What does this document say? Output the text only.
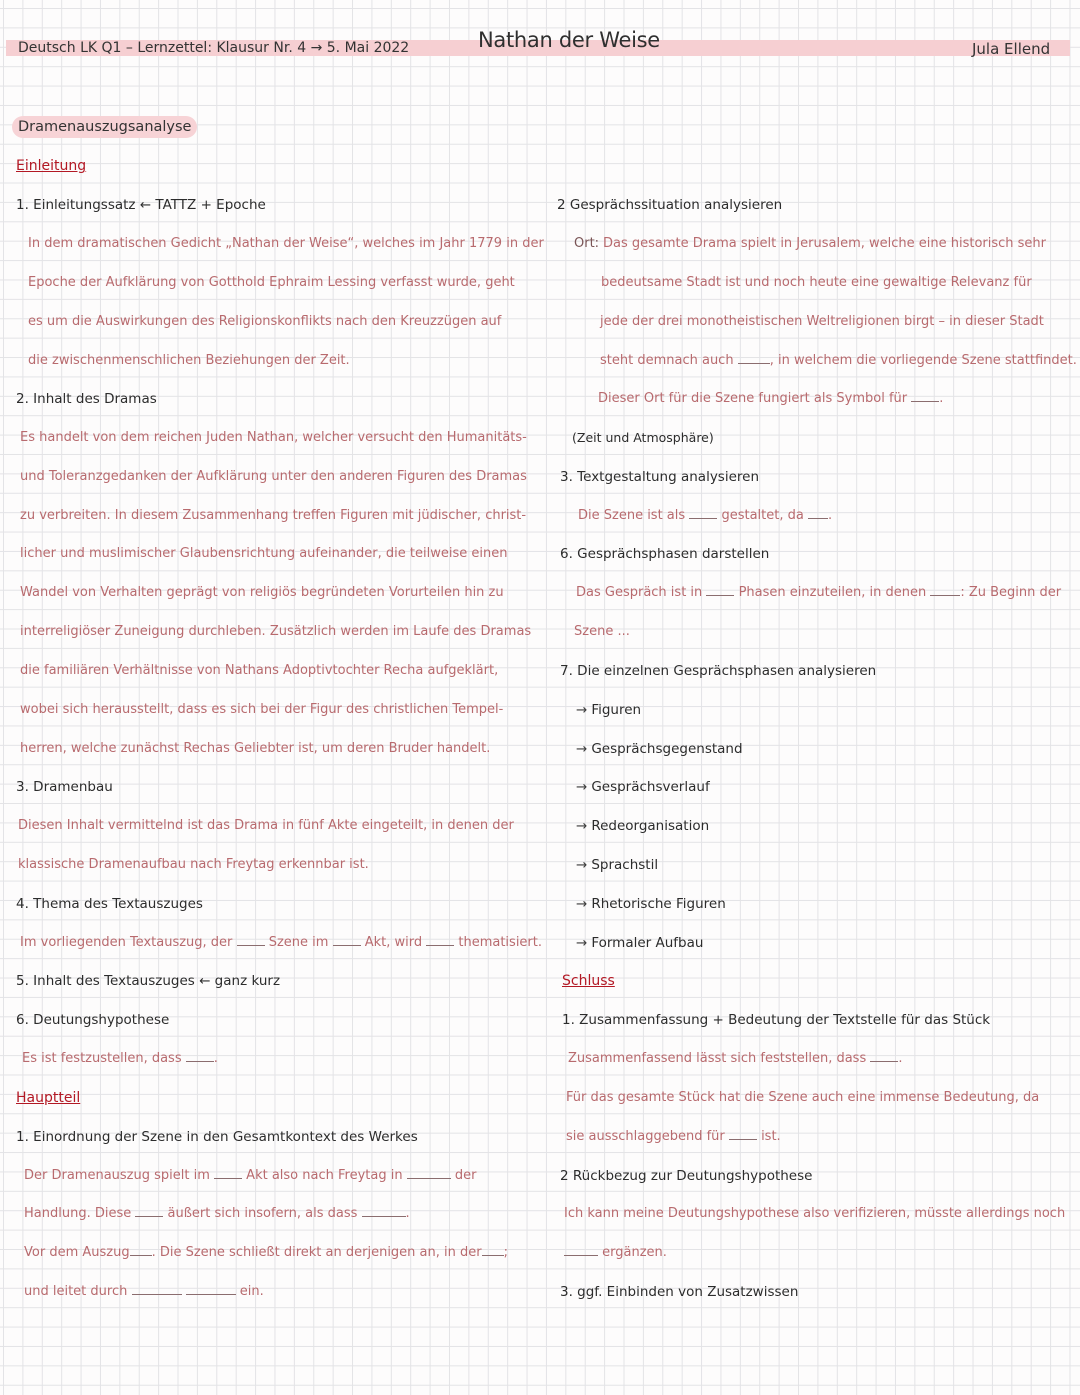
Deutsch LK Q1 – Lernzettel: Klausur Nr. 4 → 5. Mai 2022	Nathan der Weise	Jula Ellend
Dramenauszugsanalyse
Einleitung
1. Einleitungssatz ← TATTZ + Epoche
In dem dramatischen Gedicht „Nathan der Weise“, welches im Jahr 1779 in der
Epoche der Aufklärung von Gotthold Ephraim Lessing verfasst wurde, geht
es um die Auswirkungen des Religionskonflikts nach den Kreuzzügen auf
die zwischenmenschlichen Beziehungen der Zeit.
2. Inhalt des Dramas
Es handelt von dem reichen Juden Nathan, welcher versucht den Humanitäts-
und Toleranzgedanken der Aufklärung unter den anderen Figuren des Dramas
zu verbreiten. In diesem Zusammenhang treffen Figuren mit jüdischer, christ-
licher und muslimischer Glaubensrichtung aufeinander, die teilweise einen
Wandel von Verhalten geprägt von religiös begründeten Vorurteilen hin zu
interreligiöser Zuneigung durchleben. Zusätzlich werden im Laufe des Dramas
die familiären Verhältnisse von Nathans Adoptivtochter Recha aufgeklärt,
wobei sich herausstellt, dass es sich bei der Figur des christlichen Tempel-
herren, welche zunächst Rechas Geliebter ist, um deren Bruder handelt.
3. Dramenbau
Diesen Inhalt vermittelnd ist das Drama in fünf Akte eingeteilt, in denen der
klassische Dramenaufbau nach Freytag erkennbar ist.
4. Thema des Textauszuges
Im vorliegenden Textauszug, der	Szene im	Akt, wird	thematisiert.
5. Inhalt des Textauszuges ← ganz kurz
6. Deutungshypothese
Es ist festzustellen, dass .
Hauptteil
1. Einordnung der Szene in den Gesamtkontext des Werkes
Der Dramenauszug spielt im	Akt also nach Freytag in	der
Handlung. Diese	äußert sich insofern, als dass	.
Vor dem Auszug . Die Szene schließt direkt an derjenigen an, in der ;
und leitet durch	ein.
2 Gesprächssituation analysieren
Ort: Das gesamte Drama spielt in Jerusalem, welche eine historisch sehr
bedeutsame Stadt ist und noch heute eine gewaltige Relevanz für
jede der drei monotheistischen Weltreligionen birgt – in dieser Stadt
steht demnach auch	, in welchem die vorliegende Szene stattfindet.
Dieser Ort für die Szene fungiert als Symbol für .
(Zeit und Atmosphäre)
3. Textgestaltung analysieren
Die Szene ist als	gestaltet, da .
6. Gesprächsphasen darstellen
Das Gespräch ist in	Phasen einzuteilen, in denen	: Zu Beginn der
Szene ...
7. Die einzelnen Gesprächsphasen analysieren
→ Figuren
→ Gesprächsgegenstand
→ Gesprächsverlauf
→ Redeorganisation
→ Sprachstil
→ Rhetorische Figuren
→ Formaler Aufbau
Schluss
1. Zusammenfassung + Bedeutung der Textstelle für das Stück
Zusammenfassend lässt sich feststellen, dass .
Für das gesamte Stück hat die Szene auch eine immense Bedeutung, da
sie ausschlaggebend für	ist.
2 Rückbezug zur Deutungshypothese
Ich kann meine Deutungshypothese also verifizieren, müsste allerdings noch
ergänzen.
3. ggf. Einbinden von Zusatzwissen
